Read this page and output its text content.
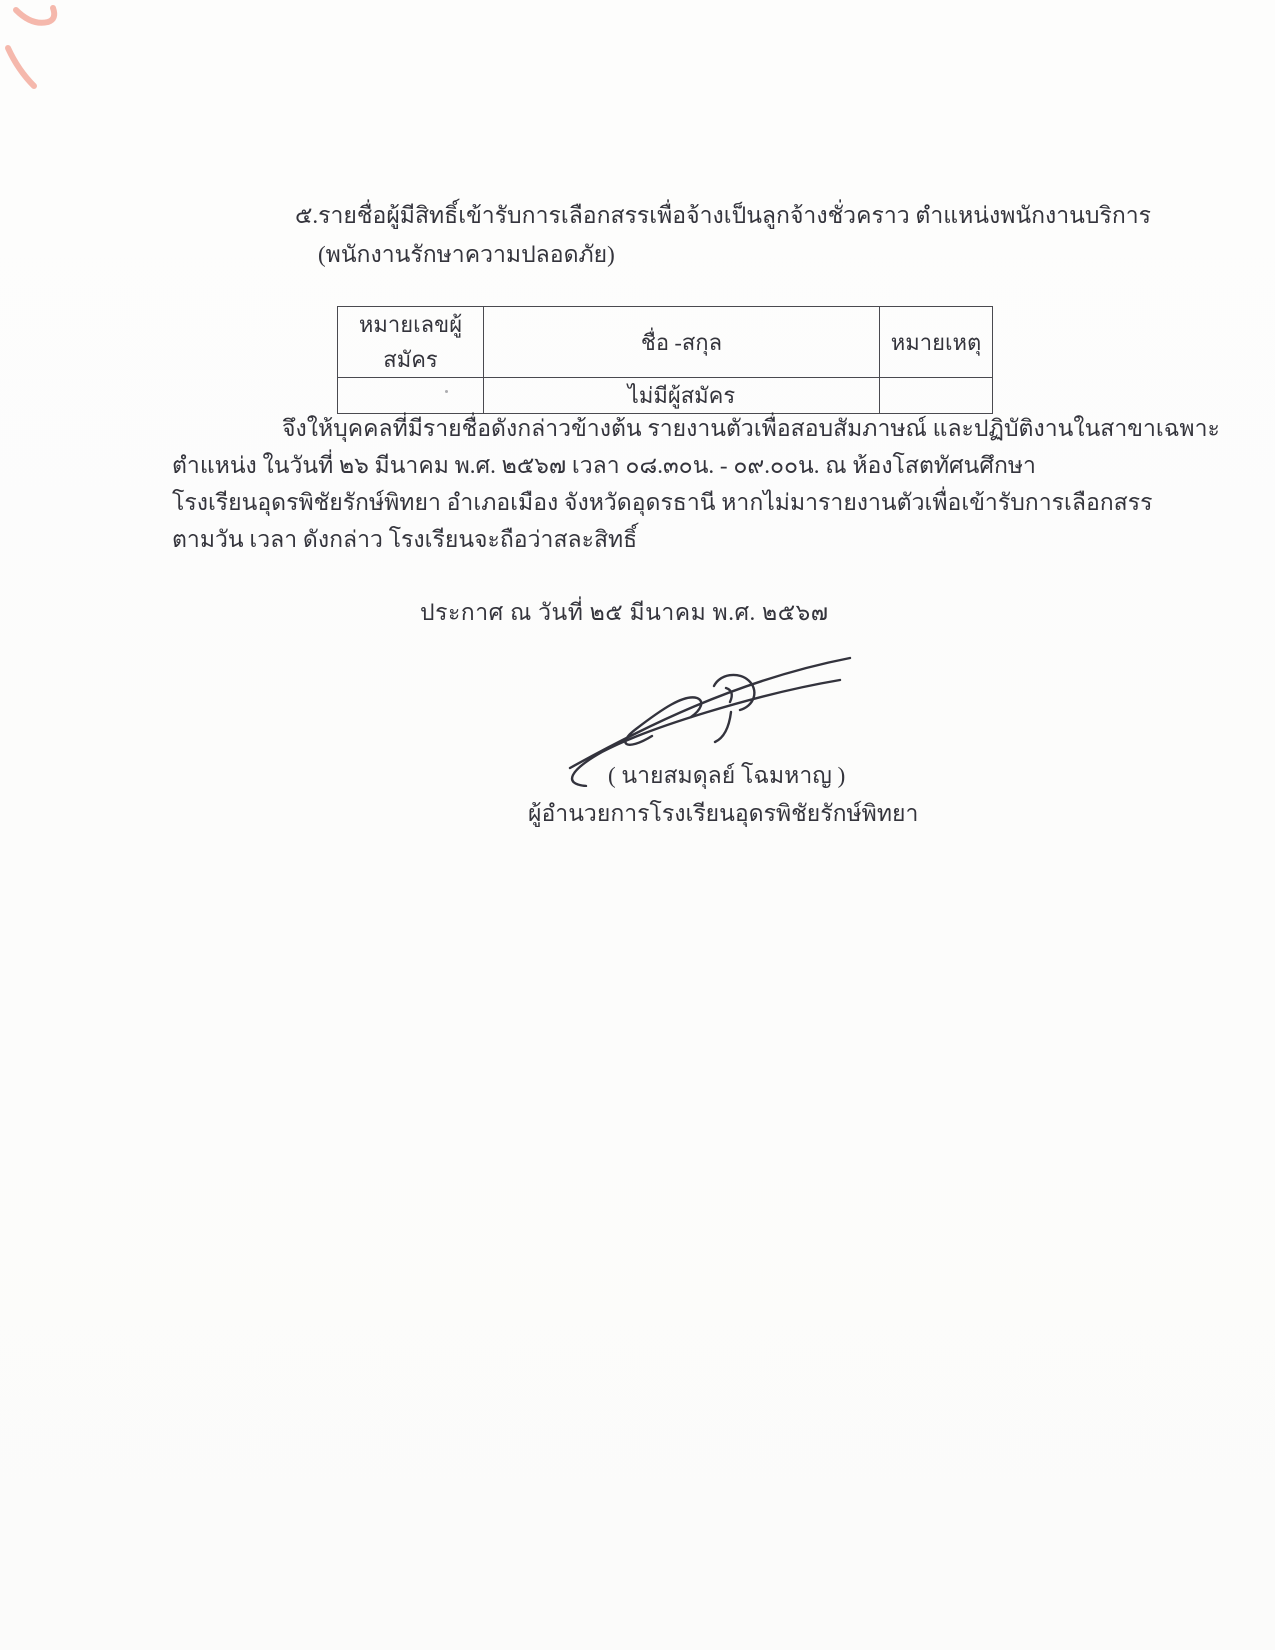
๕.รายชื่อผู้มีสิทธิ์เข้ารับการเลือกสรรเพื่อจ้างเป็นลูกจ้างชั่วคราว ตำแหน่งพนักงานบริการ
(พนักงานรักษาความปลอดภัย)
หมายเลขผู้สมัคร	ชื่อ -สกุล	หมายเหตุ
	ไม่มีผู้สมัคร	
จึงให้บุคคลที่มีรายชื่อดังกล่าวข้างต้น รายงานตัวเพื่อสอบสัมภาษณ์ และปฏิบัติงานในสาขาเฉพาะ
ตำแหน่ง ในวันที่ ๒๖ มีนาคม พ.ศ. ๒๕๖๗ เวลา ๐๘.๓๐น. - ๐๙.๐๐น. ณ ห้องโสตทัศนศึกษา
โรงเรียนอุดรพิชัยรักษ์พิทยา อำเภอเมือง จังหวัดอุดรธานี หากไม่มารายงานตัวเพื่อเข้ารับการเลือกสรร
ตามวัน เวลา ดังกล่าว โรงเรียนจะถือว่าสละสิทธิ์
ประกาศ ณ วันที่ ๒๕ มีนาคม พ.ศ. ๒๕๖๗
( นายสมดุลย์ โฉมหาญ )
ผู้อำนวยการโรงเรียนอุดรพิชัยรักษ์พิทยา
